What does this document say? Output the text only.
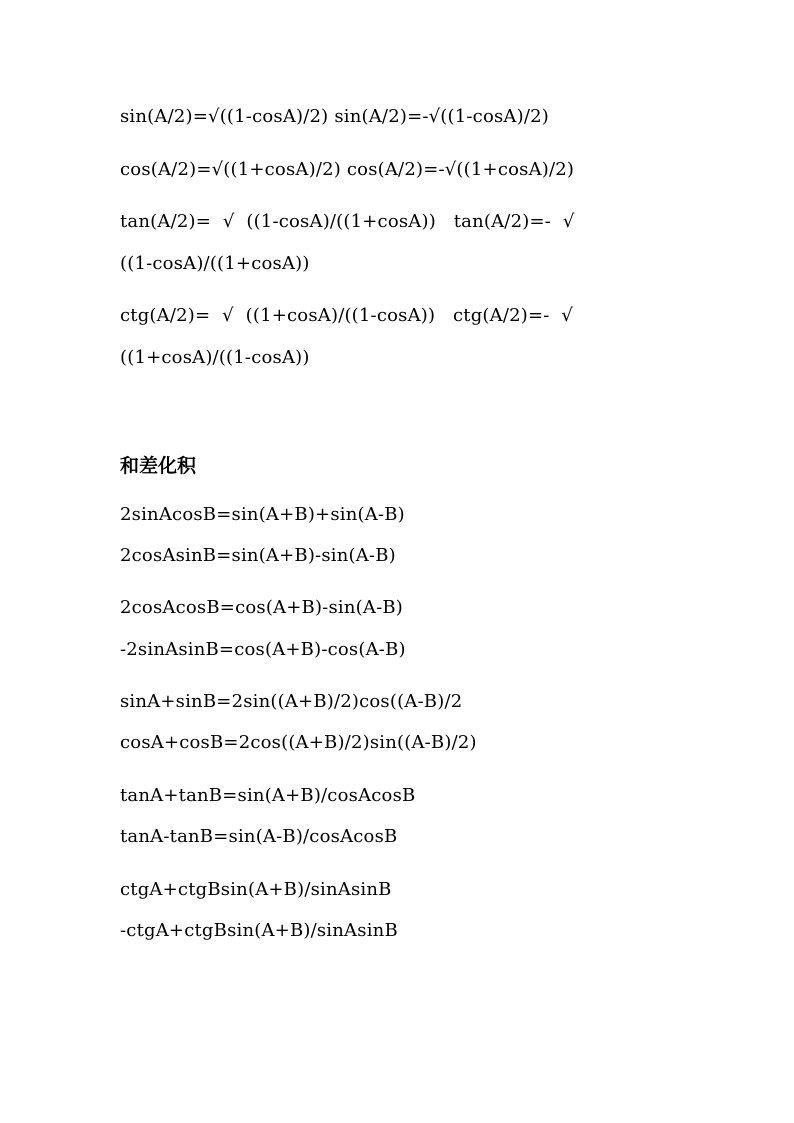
sin(A/2)=√((1-cosA)/2) sin(A/2)=-√((1-cosA)/2)
cos(A/2)=√((1+cosA)/2) cos(A/2)=-√((1+cosA)/2)
tan(A/2)=  √  ((1-cosA)/((1+cosA))   tan(A/2)=-  √
((1-cosA)/((1+cosA))
ctg(A/2)=  √  ((1+cosA)/((1-cosA))   ctg(A/2)=-  √
((1+cosA)/((1-cosA))
和差化积
2sinAcosB=sin(A+B)+sin(A-B)
2cosAsinB=sin(A+B)-sin(A-B)
2cosAcosB=cos(A+B)-sin(A-B)
-2sinAsinB=cos(A+B)-cos(A-B)
sinA+sinB=2sin((A+B)/2)cos((A-B)/2
cosA+cosB=2cos((A+B)/2)sin((A-B)/2)
tanA+tanB=sin(A+B)/cosAcosB
tanA-tanB=sin(A-B)/cosAcosB
ctgA+ctgBsin(A+B)/sinAsinB
-ctgA+ctgBsin(A+B)/sinAsinB
